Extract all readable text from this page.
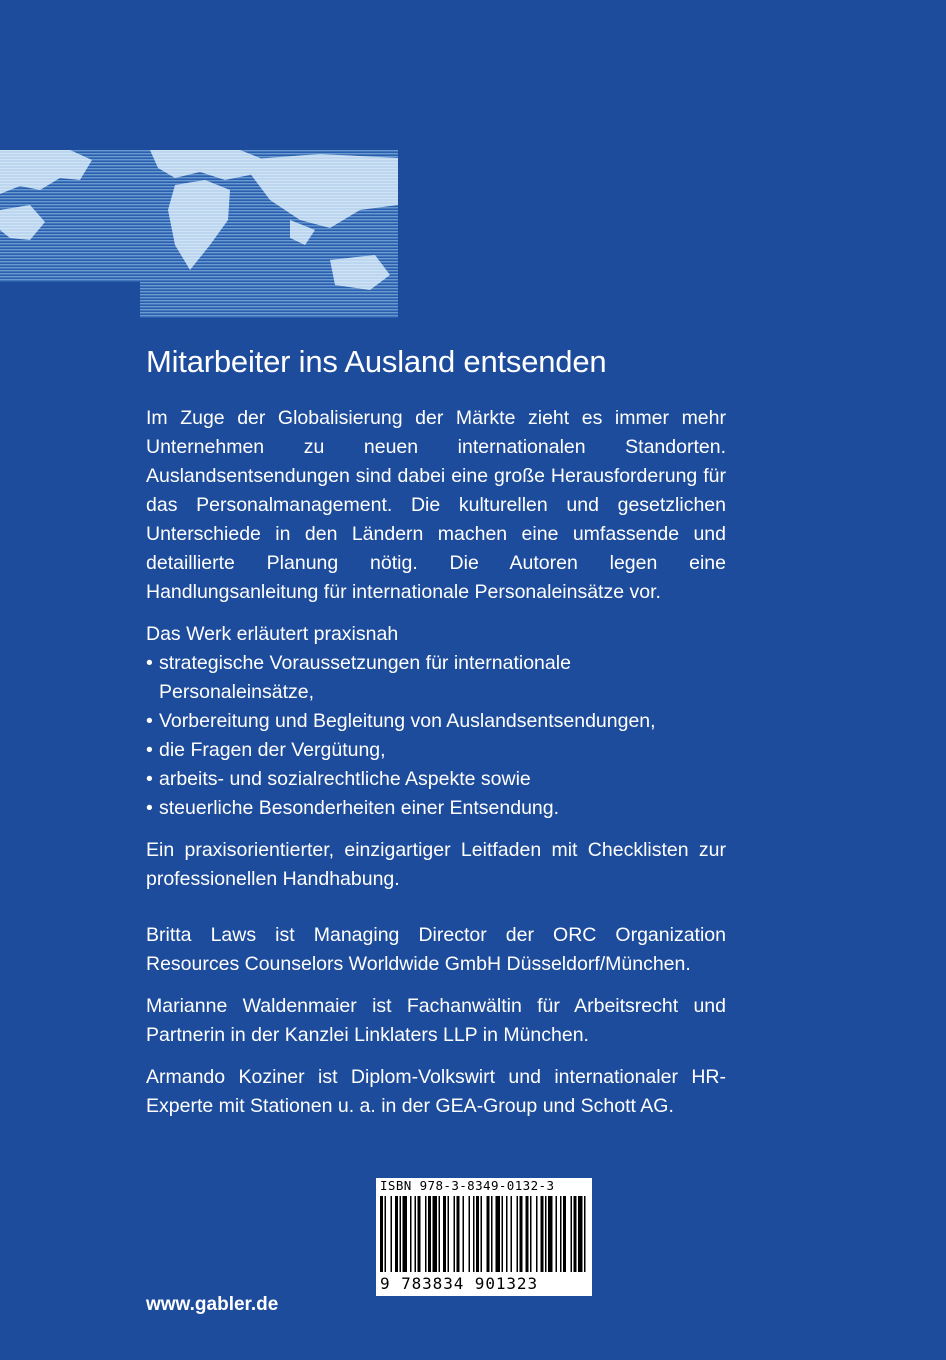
Mitarbeiter ins Ausland entsenden

Im Zuge der Globalisierung der Märkte zieht es immer mehr Unternehmen zu neuen internationalen Standorten. Auslandsentsendungen sind dabei eine große Herausforderung für das Personalmanagement. Die kulturellen und gesetzlichen Unterschiede in den Ländern machen eine umfassende und detaillierte Planung nötig. Die Autoren legen eine Handlungsanleitung für internationale Personaleinsätze vor.

Das Werk erläutert praxisnah

• strategische Voraussetzungen für internationale Personaleinsätze,
• Vorbereitung und Begleitung von Auslandsentsendungen,
• die Fragen der Vergütung,
• arbeits- und sozialrechtliche Aspekte sowie
• steuerliche Besonderheiten einer Entsendung.

Ein praxisorientierter, einzigartiger Leitfaden mit Checklisten zur professionellen Handhabung.

Britta Laws ist Managing Director der ORC Organization Resources Counselors Worldwide GmbH Düsseldorf/München.

Marianne Waldenmaier ist Fachanwältin für Arbeitsrecht und Partnerin in der Kanzlei Linklaters LLP in München.

Armando Koziner ist Diplom-Volkswirt und internationaler HR-Experte mit Stationen u. a. in der GEA-Group und Schott AG.

ISBN 978-3-8349-0132-3
9 783834 901323
www.gabler.de
